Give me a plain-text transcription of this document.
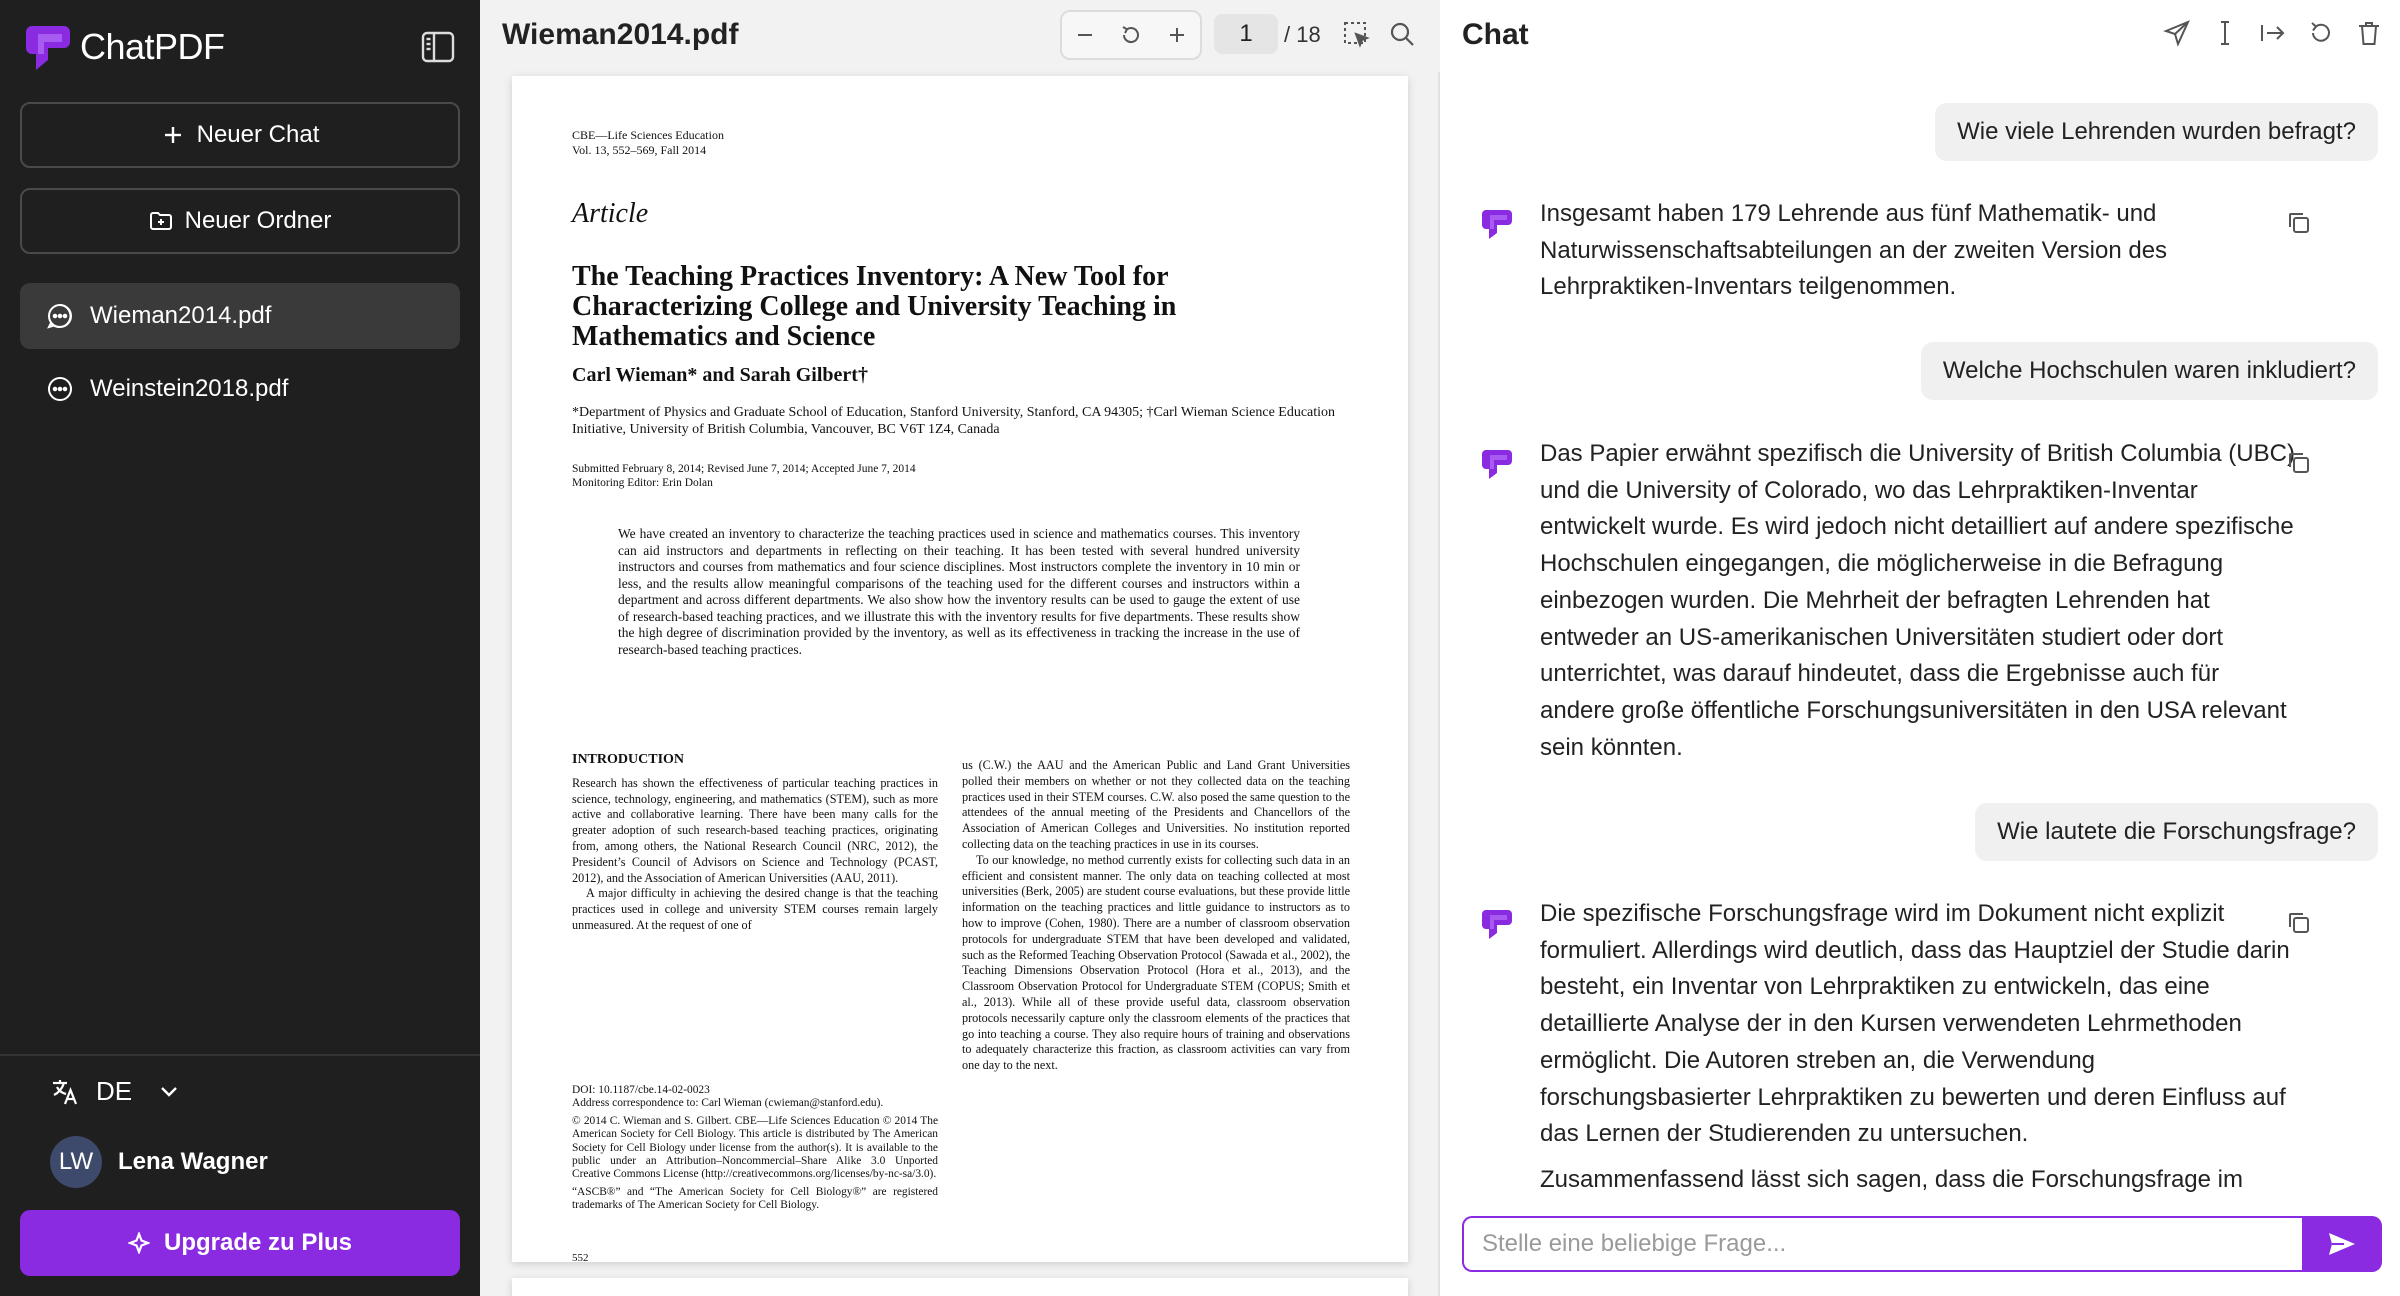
ChatPDF
Neuer Chat
Neuer Ordner
Wieman2014.pdf
Weinstein2018.pdf
DE
LW	Lena Wagner
Upgrade zu Plus
Wieman2014.pdf	1	/ 18
CBE—Life Sciences Education
Vol. 13, 552–569, Fall 2014
Article
The Teaching Practices Inventory: A New Tool for Characterizing College and University Teaching in Mathematics and Science
Carl Wieman* and Sarah Gilbert†
*Department of Physics and Graduate School of Education, Stanford University, Stanford, CA 94305; †Carl Wieman Science Education Initiative, University of British Columbia, Vancouver, BC V6T 1Z4, Canada
Submitted February 8, 2014; Revised June 7, 2014; Accepted June 7, 2014
Monitoring Editor: Erin Dolan
We have created an inventory to characterize the teaching practices used in science and mathematics courses. This inventory can aid instructors and departments in reflecting on their teaching. It has been tested with several hundred university instructors and courses from mathematics and four science disciplines. Most instructors complete the inventory in 10 min or less, and the results allow meaningful comparisons of the teaching used for the different courses and instructors within a department and across different departments. We also show how the inventory results can be used to gauge the extent of use of research-based teaching practices, and we illustrate this with the inventory results for five departments. These results show the high degree of discrimination provided by the inventory, as well as its effectiveness in tracking the increase in the use of research-based teaching practices.
INTRODUCTION

Research has shown the effectiveness of particular teaching practices in science, technology, engineering, and mathematics (STEM), such as more active and collaborative learning. There have been many calls for the greater adoption of such research-based teaching practices, originating from, among others, the National Research Council (NRC, 2012), the President’s Council of Advisors on Science and Technology (PCAST, 2012), and the Association of American Universities (AAU, 2011).

A major difficulty in achieving the desired change is that the teaching practices used in college and university STEM courses remain largely unmeasured. At the request of one of

DOI: 10.1187/cbe.14-02-0023

Address correspondence to: Carl Wieman (cwieman@stanford.edu).

© 2014 C. Wieman and S. Gilbert. CBE—Life Sciences Education © 2014 The American Society for Cell Biology. This article is distributed by The American Society for Cell Biology under license from the author(s). It is available to the public under an Attribution–Noncommercial–Share Alike 3.0 Unported Creative Commons License (http://creativecommons.org/licenses/by-nc-sa/3.0).

“ASCB®” and “The American Society for Cell Biology®” are registered trademarks of The American Society for Cell Biology.

us (C.W.) the AAU and the American Public and Land Grant Universities polled their members on whether or not they collected data on the teaching practices used in their STEM courses. C.W. also posed the same question to the attendees of the annual meeting of the Presidents and Chancellors of the Association of American Colleges and Universities. No institution reported collecting data on the teaching practices in use in its courses.

To our knowledge, no method currently exists for collecting such data in an efficient and consistent manner. The only data on teaching collected at most universities (Berk, 2005) are student course evaluations, but these provide little information on the teaching practices and little guidance to instructors as to how to improve (Cohen, 1980). There are a number of classroom observation protocols for undergraduate STEM that have been developed and validated, such as the Reformed Teaching Observation Protocol (Sawada et al., 2002), the Teaching Dimensions Observation Protocol (Hora et al., 2013), and the Classroom Observation Protocol for Undergraduate STEM (COPUS; Smith et al., 2013). While all of these provide useful data, classroom observation protocols necessarily capture only the classroom elements of the practices that go into teaching a course. They also require hours of training and observations to adequately characterize this fraction, as classroom activities can vary from one day to the next.

552
Chat
Wie viele Lehrenden wurden befragt?
Insgesamt haben 179 Lehrende aus fünf Mathematik- und Naturwissenschaftsabteilungen an der zweiten Version des Lehrpraktiken-Inventars teilgenommen.
Welche Hochschulen waren inkludiert?
Das Papier erwähnt spezifisch die University of British Columbia (UBC) und die University of Colorado, wo das Lehrpraktiken-Inventar entwickelt wurde. Es wird jedoch nicht detailliert auf andere spezifische Hochschulen eingegangen, die möglicherweise in die Befragung einbezogen wurden. Die Mehrheit der befragten Lehrenden hat entweder an US-amerikanischen Universitäten studiert oder dort unterrichtet, was darauf hindeutet, dass die Ergebnisse auch für andere große öffentliche Forschungsuniversitäten in den USA relevant sein könnten.
Wie lautete die Forschungsfrage?
Die spezifische Forschungsfrage wird im Dokument nicht explizit formuliert. Allerdings wird deutlich, dass das Hauptziel der Studie darin besteht, ein Inventar von Lehrpraktiken zu entwickeln, das eine detaillierte Analyse der in den Kursen verwendeten Lehrmethoden ermöglicht. Die Autoren streben an, die Verwendung forschungsbasierter Lehrpraktiken zu bewerten und deren Einfluss auf das Lernen der Studierenden zu untersuchen.
Zusammenfassend lässt sich sagen, dass die Forschungsfrage im
Stelle eine beliebige Frage...
